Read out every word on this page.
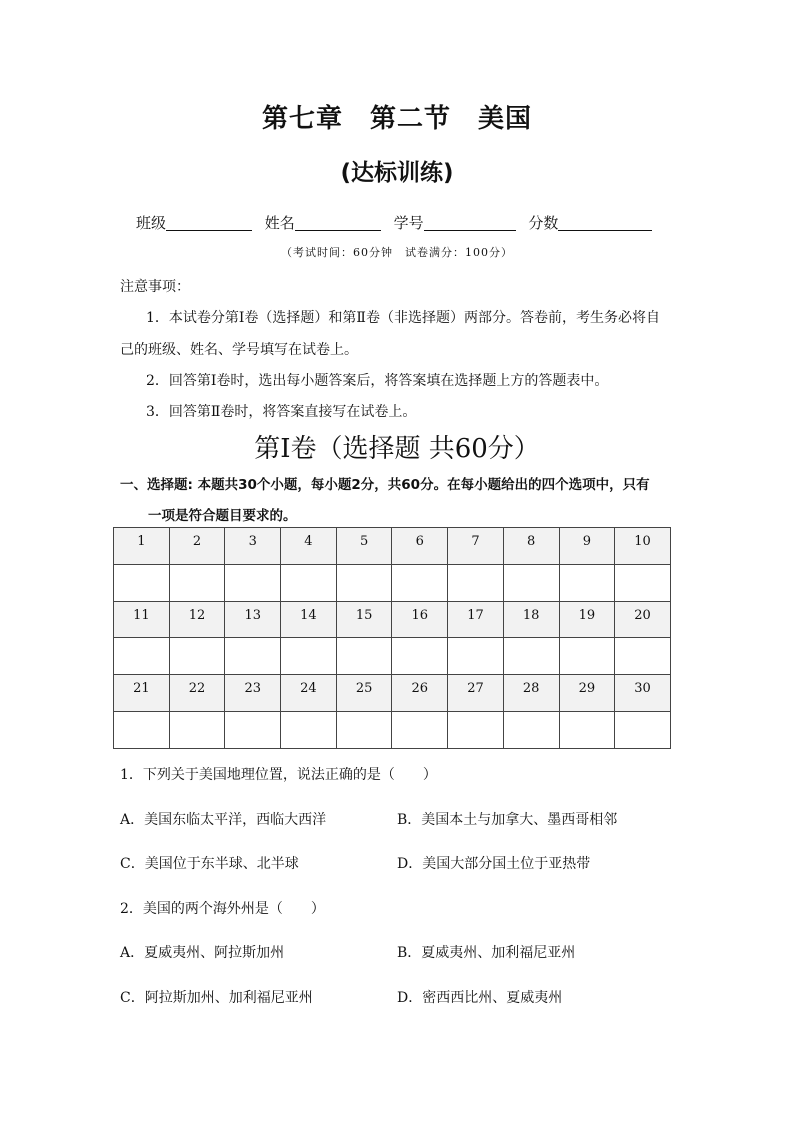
第七章　第二节　美国
(达标训练)
班级	姓名	学号	分数
（考试时间：60分钟　试卷满分：100分）
注意事项：
1．本试卷分第Ⅰ卷（选择题）和第Ⅱ卷（非选择题）两部分。答卷前，考生务必将自
己的班级、姓名、学号填写在试卷上。
2．回答第Ⅰ卷时，选出每小题答案后，将答案填在选择题上方的答题表中。
3．回答第Ⅱ卷时，将答案直接写在试卷上。
第Ⅰ卷（选择题 共60分）
一、选择题: 本题共30个小题，每小题2分，共60分。在每小题给出的四个选项中，只有
一项是符合题目要求的。
1	2	3	4	5	6	7	8	9	10

11	12	13	14	15	16	17	18	19	20

21	22	23	24	25	26	27	28	29	30

1．下列关于美国地理位置，说法正确的是（　　）
A．美国东临太平洋，西临大西洋	B．美国本土与加拿大、墨西哥相邻
C．美国位于东半球、北半球	D．美国大部分国土位于亚热带
2．美国的两个海外州是（　　）
A．夏威夷州、阿拉斯加州	B．夏威夷州、加利福尼亚州
C．阿拉斯加州、加利福尼亚州	D．密西西比州、夏威夷州
